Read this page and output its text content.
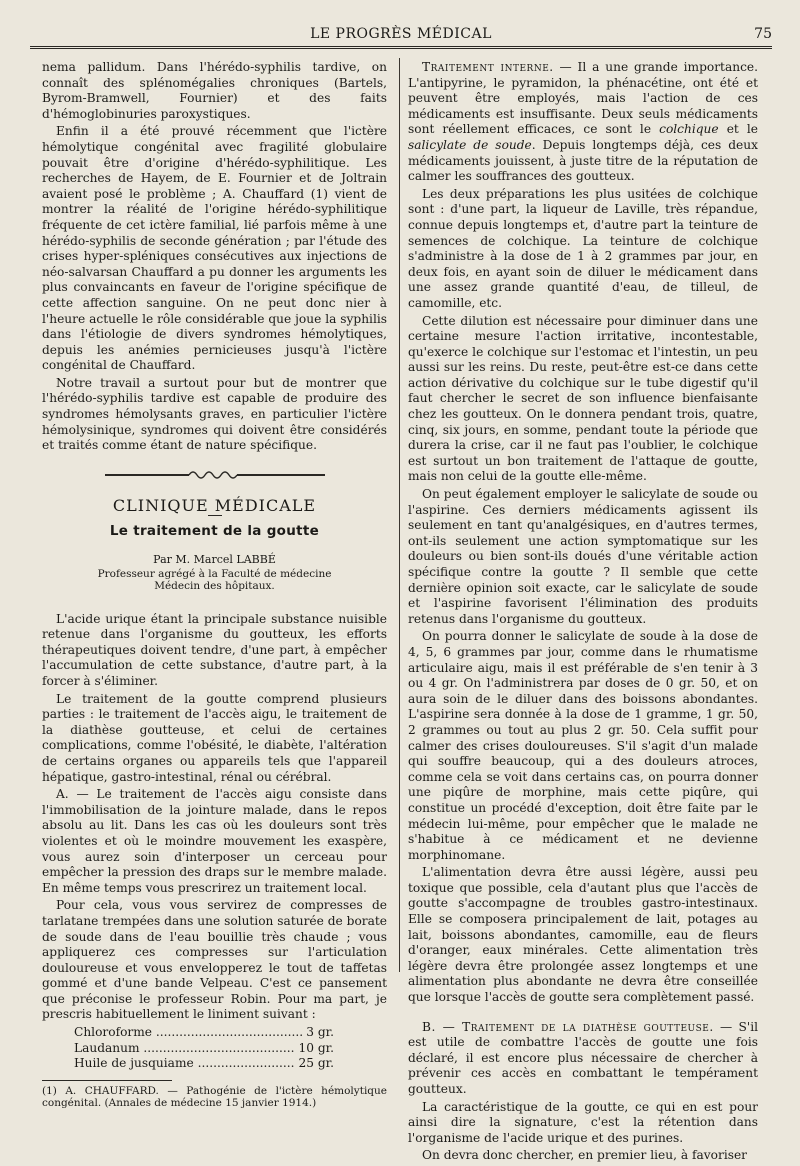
LE PROGRÈS MÉDICAL	75

nema pallidum. Dans l'hérédo-syphilis tardive, on connaît des splénomégalies chroniques (Bartels, Byrom-Bramwell, Fournier) et des faits d'hémoglobinuries paroxystiques.

Enfin il a été prouvé récemment que l'ictère hémolytique congénital avec fragilité globulaire pouvait être d'origine d'hérédo-syphilitique. Les recherches de Hayem, de E. Fournier et de Joltrain avaient posé le problème ; A. Chauffard (1) vient de montrer la réalité de l'origine hérédo-syphilitique fréquente de cet ictère familial, lié parfois même à une hérédo-syphilis de seconde génération ; par l'étude des crises hyper-spléniques consécutives aux injections de néo-salvarsan Chauffard a pu donner les arguments les plus convaincants en faveur de l'origine spécifique de cette affection sanguine. On ne peut donc nier à l'heure actuelle le rôle considérable que joue la syphilis dans l'étiologie de divers syndromes hémolytiques, depuis les anémies pernicieuses jusqu'à l'ictère congénital de Chauffard.

Notre travail a surtout pour but de montrer que l'hérédo-syphilis tardive est capable de produire des syndromes hémolysants graves, en particulier l'ictère hémolysinique, syndromes qui doivent être considérés et traités comme étant de nature spécifique.

CLINIQUE MÉDICALE
Le traitement de la goutte

Par M. Marcel LABBÉ

Professeur agrégé à la Faculté de médecine
Médecin des hôpitaux.

L'acide urique étant la principale substance nuisible retenue dans l'organisme du goutteux, les efforts thérapeutiques doivent tendre, d'une part, à empêcher l'accumulation de cette substance, d'autre part, à la forcer à s'éliminer.

Le traitement de la goutte comprend plusieurs parties : le traitement de l'accès aigu, le traitement de la diathèse goutteuse, et celui de certaines complications, comme l'obésité, le diabète, l'altération de certains organes ou appareils tels que l'appareil hépatique, gastro-intestinal, rénal ou cérébral.

A. — Le traitement de l'accès aigu consiste dans l'immobilisation de la jointure malade, dans le repos absolu au lit. Dans les cas où les douleurs sont très violentes et où le moindre mouvement les exaspère, vous aurez soin d'interposer un cerceau pour empêcher la pression des draps sur le membre malade. En même temps vous prescrirez un traitement local.

Pour cela, vous vous servirez de compresses de tarlatane trempées dans une solution saturée de borate de soude dans de l'eau bouillie très chaude ; vous appliquerez ces compresses sur l'articulation douloureuse et vous envelopperez le tout de taffetas gommé et d'une bande Velpeau. C'est ce pansement que préconise le professeur Robin. Pour ma part, je prescris habituellement le liniment suivant :

Chloroforme .....	3 gr.
Laudanum .....	10 gr.
Huile de jusquiame .....	25 gr.

(1) A. CHAUFFARD. — Pathogénie de l'ictère hémolytique congénital. (Annales de médecine 15 janvier 1914.)

Traitement interne. — Il a une grande importance. L'antipyrine, le pyramidon, la phénacétine, ont été et peuvent être employés, mais l'action de ces médicaments est insuffisante. Deux seuls médicaments sont réellement efficaces, ce sont le colchique et le salicylate de soude. Depuis longtemps déjà, ces deux médicaments jouissent, à juste titre de la réputation de calmer les souffrances des goutteux.

Les deux préparations les plus usitées de colchique sont : d'une part, la liqueur de Laville, très répandue, connue depuis longtemps et, d'autre part la teinture de semences de colchique. La teinture de colchique s'administre à la dose de 1 à 2 grammes par jour, en deux fois, en ayant soin de diluer le médicament dans une assez grande quantité d'eau, de tilleul, de camomille, etc.

Cette dilution est nécessaire pour diminuer dans une certaine mesure l'action irritative, incontestable, qu'exerce le colchique sur l'estomac et l'intestin, un peu aussi sur les reins. Du reste, peut-être est-ce dans cette action dérivative du colchique sur le tube digestif qu'il faut chercher le secret de son influence bienfaisante chez les goutteux. On le donnera pendant trois, quatre, cinq, six jours, en somme, pendant toute la période que durera la crise, car il ne faut pas l'oublier, le colchique est surtout un bon traitement de l'attaque de goutte, mais non celui de la goutte elle-même.

On peut également employer le salicylate de soude ou l'aspirine. Ces derniers médicaments agissent ils seulement en tant qu'analgésiques, en d'autres termes, ont-ils seulement une action symptomatique sur les douleurs ou bien sont-ils doués d'une véritable action spécifique contre la goutte ? Il semble que cette dernière opinion soit exacte, car le salicylate de soude et l'aspirine favorisent l'élimination des produits retenus dans l'organisme du goutteux.

On pourra donner le salicylate de soude à la dose de 4, 5, 6 grammes par jour, comme dans le rhumatisme articulaire aigu, mais il est préférable de s'en tenir à 3 ou 4 gr. On l'administrera par doses de 0 gr. 50, et on aura soin de le diluer dans des boissons abondantes. L'aspirine sera donnée à la dose de 1 gramme, 1 gr. 50, 2 grammes ou tout au plus 2 gr. 50. Cela suffit pour calmer des crises douloureuses. S'il s'agit d'un malade qui souffre beaucoup, qui a des douleurs atroces, comme cela se voit dans certains cas, on pourra donner une piqûre de morphine, mais cette piqûre, qui constitue un procédé d'exception, doit être faite par le médecin lui-même, pour empêcher que le malade ne s'habitue à ce médicament et ne devienne morphinomane.

L'alimentation devra être aussi légère, aussi peu toxique que possible, cela d'autant plus que l'accès de goutte s'accompagne de troubles gastro-intestinaux. Elle se composera principalement de lait, potages au lait, boissons abondantes, camomille, eau de fleurs d'oranger, eaux minérales. Cette alimentation très légère devra être prolongée assez longtemps et une alimentation plus abondante ne devra être conseillée que lorsque l'accès de goutte sera complètement passé.

B. — Traitement de la diathèse goutteuse. — S'il est utile de combattre l'accès de goutte une fois déclaré, il est encore plus nécessaire de chercher à prévenir ces accès en combattant le tempérament goutteux.

La caractéristique de la goutte, ce qui en est pour ainsi dire la signature, c'est la rétention dans l'organisme de l'acide urique et des purines.

On devra donc chercher, en premier lieu, à favoriser
